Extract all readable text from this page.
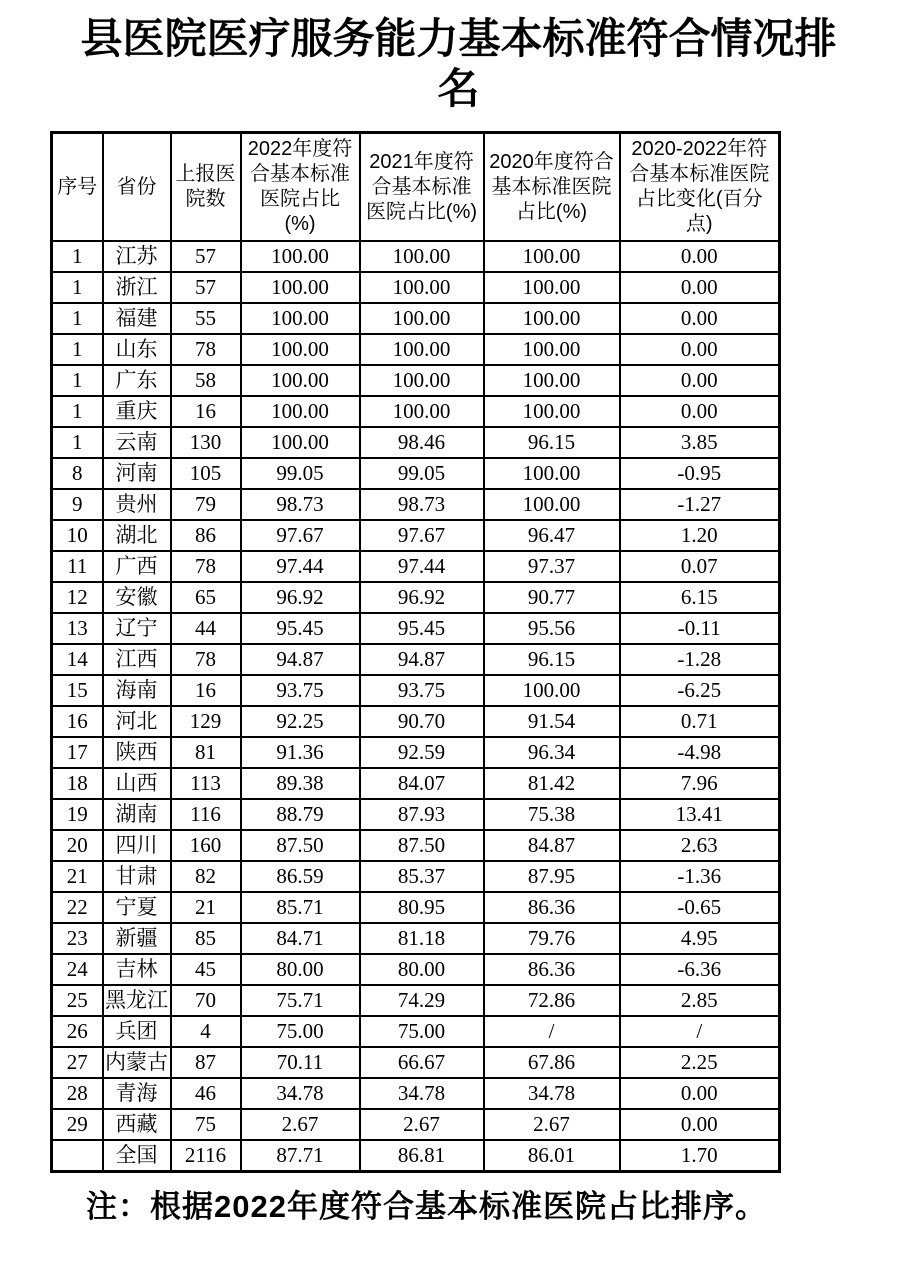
县医院医疗服务能力基本标准符合情况排名
序号	省份	上报医院数	2022年度符合基本标准医院占比(%)	2021年度符合基本标准医院占比(%)	2020年度符合基本标准医院占比(%)	2020-2022年符合基本标准医院占比变化(百分点)
1	江苏	57	100.00	100.00	100.00	0.00
1	浙江	57	100.00	100.00	100.00	0.00
1	福建	55	100.00	100.00	100.00	0.00
1	山东	78	100.00	100.00	100.00	0.00
1	广东	58	100.00	100.00	100.00	0.00
1	重庆	16	100.00	100.00	100.00	0.00
1	云南	130	100.00	98.46	96.15	3.85
8	河南	105	99.05	99.05	100.00	-0.95
9	贵州	79	98.73	98.73	100.00	-1.27
10	湖北	86	97.67	97.67	96.47	1.20
11	广西	78	97.44	97.44	97.37	0.07
12	安徽	65	96.92	96.92	90.77	6.15
13	辽宁	44	95.45	95.45	95.56	-0.11
14	江西	78	94.87	94.87	96.15	-1.28
15	海南	16	93.75	93.75	100.00	-6.25
16	河北	129	92.25	90.70	91.54	0.71
17	陕西	81	91.36	92.59	96.34	-4.98
18	山西	113	89.38	84.07	81.42	7.96
19	湖南	116	88.79	87.93	75.38	13.41
20	四川	160	87.50	87.50	84.87	2.63
21	甘肃	82	86.59	85.37	87.95	-1.36
22	宁夏	21	85.71	80.95	86.36	-0.65
23	新疆	85	84.71	81.18	79.76	4.95
24	吉林	45	80.00	80.00	86.36	-6.36
25	黑龙江	70	75.71	74.29	72.86	2.85
26	兵团	4	75.00	75.00	/	/
27	内蒙古	87	70.11	66.67	67.86	2.25
28	青海	46	34.78	34.78	34.78	0.00
29	西藏	75	2.67	2.67	2.67	0.00
	全国	2116	87.71	86.81	86.01	1.70
注：根据2022年度符合基本标准医院占比排序。
